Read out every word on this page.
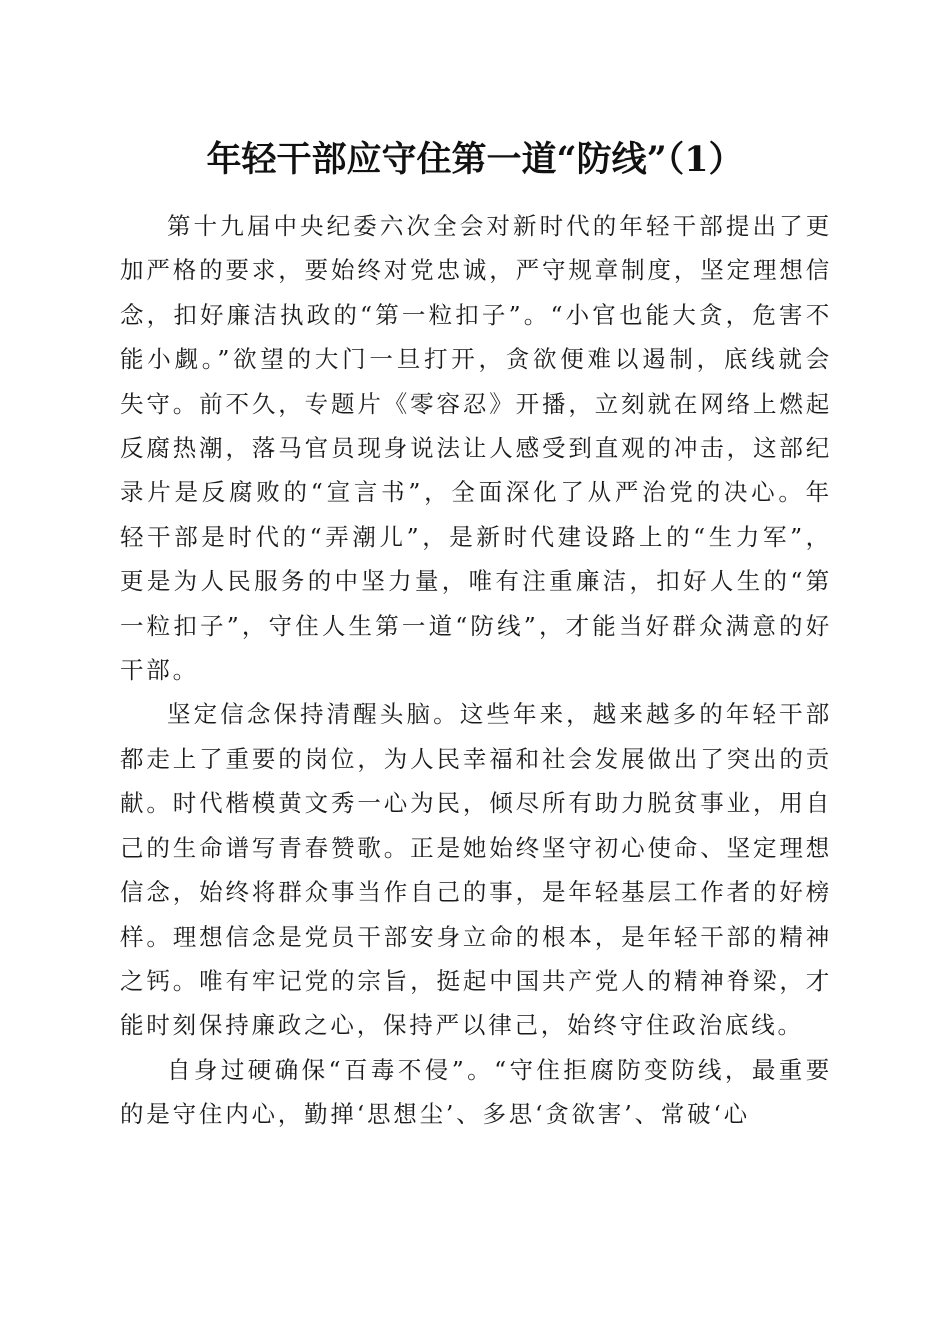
年轻干部应守住第一道“防线”（1）

第十九届中央纪委六次全会对新时代的年轻干部提出了更加严格的要求，要始终对党忠诚，严守规章制度，坚定理想信念，扣好廉洁执政的“第一粒扣子”。“小官也能大贪，危害不能小觑。”欲望的大门一旦打开，贪欲便难以遏制，底线就会失守。前不久，专题片《零容忍》开播，立刻就在网络上燃起反腐热潮，落马官员现身说法让人感受到直观的冲击，这部纪录片是反腐败的“宣言书”，全面深化了从严治党的决心。年轻干部是时代的“弄潮儿”，是新时代建设路上的“生力军”，更是为人民服务的中坚力量，唯有注重廉洁，扣好人生的“第一粒扣子”，守住人生第一道“防线”，才能当好群众满意的好干部。

坚定信念保持清醒头脑。这些年来，越来越多的年轻干部都走上了重要的岗位，为人民幸福和社会发展做出了突出的贡献。时代楷模黄文秀一心为民，倾尽所有助力脱贫事业，用自己的生命谱写青春赞歌。正是她始终坚守初心使命、坚定理想信念，始终将群众事当作自己的事，是年轻基层工作者的好榜样。理想信念是党员干部安身立命的根本，是年轻干部的精神之钙。唯有牢记党的宗旨，挺起中国共产党人的精神脊梁，才能时刻保持廉政之心，保持严以律己，始终守住政治底线。

自身过硬确保“百毒不侵”。“守住拒腐防变防线，最重要的是守住内心，勤掸‘思想尘’、多思‘贪欲害’、常破‘心
